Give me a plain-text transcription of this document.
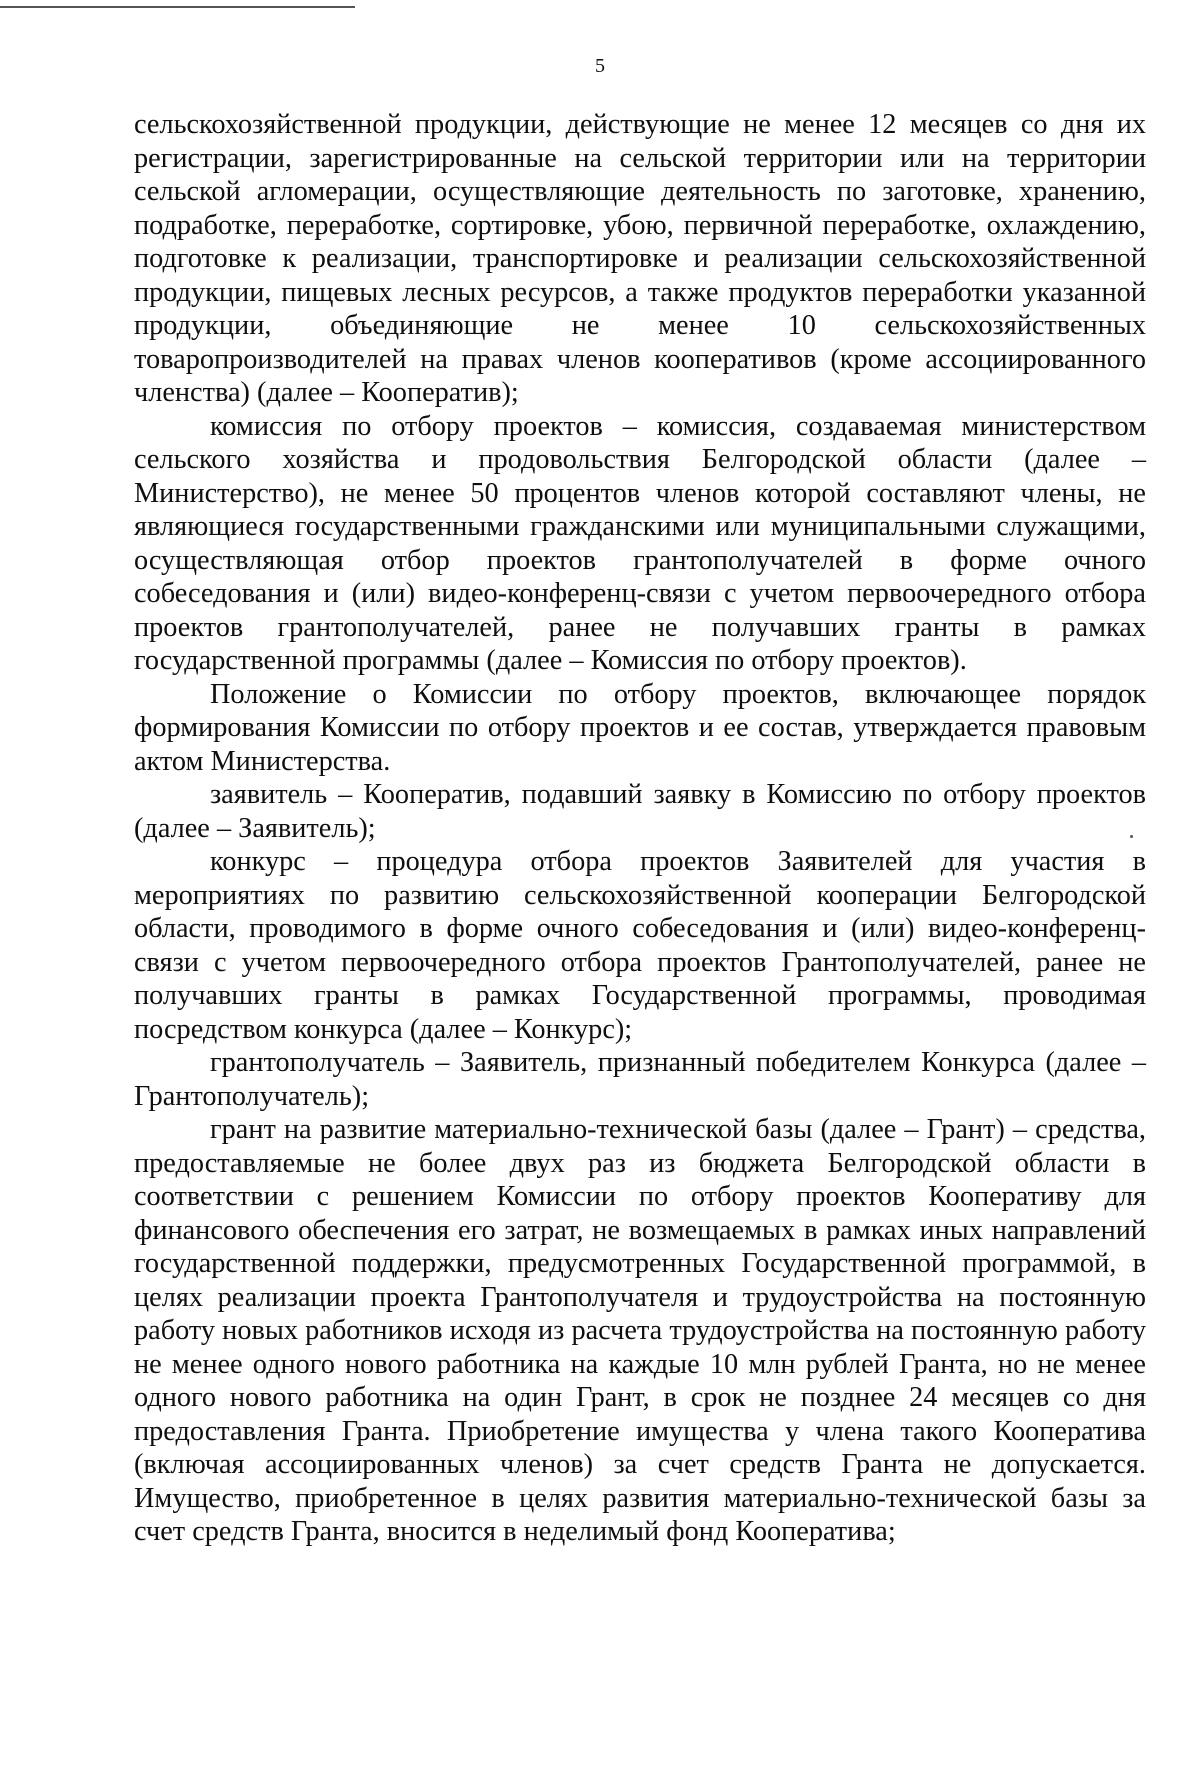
5

сельскохозяйственной продукции, действующие не менее 12 месяцев со дня их регистрации, зарегистрированные на сельской территории или на территории сельской агломерации, осуществляющие деятельность по заготовке, хранению, подработке, переработке, сортировке, убою, первичной переработке, охлаждению, подготовке к реализации, транспортировке и реализации сельскохозяйственной продукции, пищевых лесных ресурсов, а также продуктов переработки указанной продукции, объединяющие не менее 10 сельскохозяйственных товаропроизводителей на правах членов кооперативов (кроме ассоциированного членства) (далее – Кооператив);

комиссия по отбору проектов – комиссия, создаваемая министерством сельского хозяйства и продовольствия Белгородской области (далее – Министерство), не менее 50 процентов членов которой составляют члены, не являющиеся государственными гражданскими или муниципальными служащими, осуществляющая отбор проектов грантополучателей в форме очного собеседования и (или) видео-конференц-связи с учетом первоочередного отбора проектов грантополучателей, ранее не получавших гранты в рамках государственной программы (далее – Комиссия по отбору проектов).

Положение о Комиссии по отбору проектов, включающее порядок формирования Комиссии по отбору проектов и ее состав, утверждается правовым актом Министерства.

заявитель – Кооператив, подавший заявку в Комиссию по отбору проектов (далее – Заявитель);

конкурс – процедура отбора проектов Заявителей для участия в мероприятиях по развитию сельскохозяйственной кооперации Белгородской области, проводимого в форме очного собеседования и (или) видео-конференц-связи с учетом первоочередного отбора проектов Грантополучателей, ранее не получавших гранты в рамках Государственной программы, проводимая посредством конкурса (далее – Конкурс);

грантополучатель – Заявитель, признанный победителем Конкурса (далее – Грантополучатель);

грант на развитие материально-технической базы (далее – Грант) – средства, предоставляемые не более двух раз из бюджета Белгородской области в соответствии с решением Комиссии по отбору проектов Кооперативу для финансового обеспечения его затрат, не возмещаемых в рамках иных направлений государственной поддержки, предусмотренных Государственной программой, в целях реализации проекта Грантополучателя и трудоустройства на постоянную работу новых работников исходя из расчета трудоустройства на постоянную работу не менее одного нового работника на каждые 10 млн рублей Гранта, но не менее одного нового работника на один Грант, в срок не позднее 24 месяцев со дня предоставления Гранта. Приобретение имущества у члена такого Кооператива (включая ассоциированных членов) за счет средств Гранта не допускается. Имущество, приобретенное в целях развития материально-технической базы за счет средств Гранта, вносится в неделимый фонд Кооператива;
